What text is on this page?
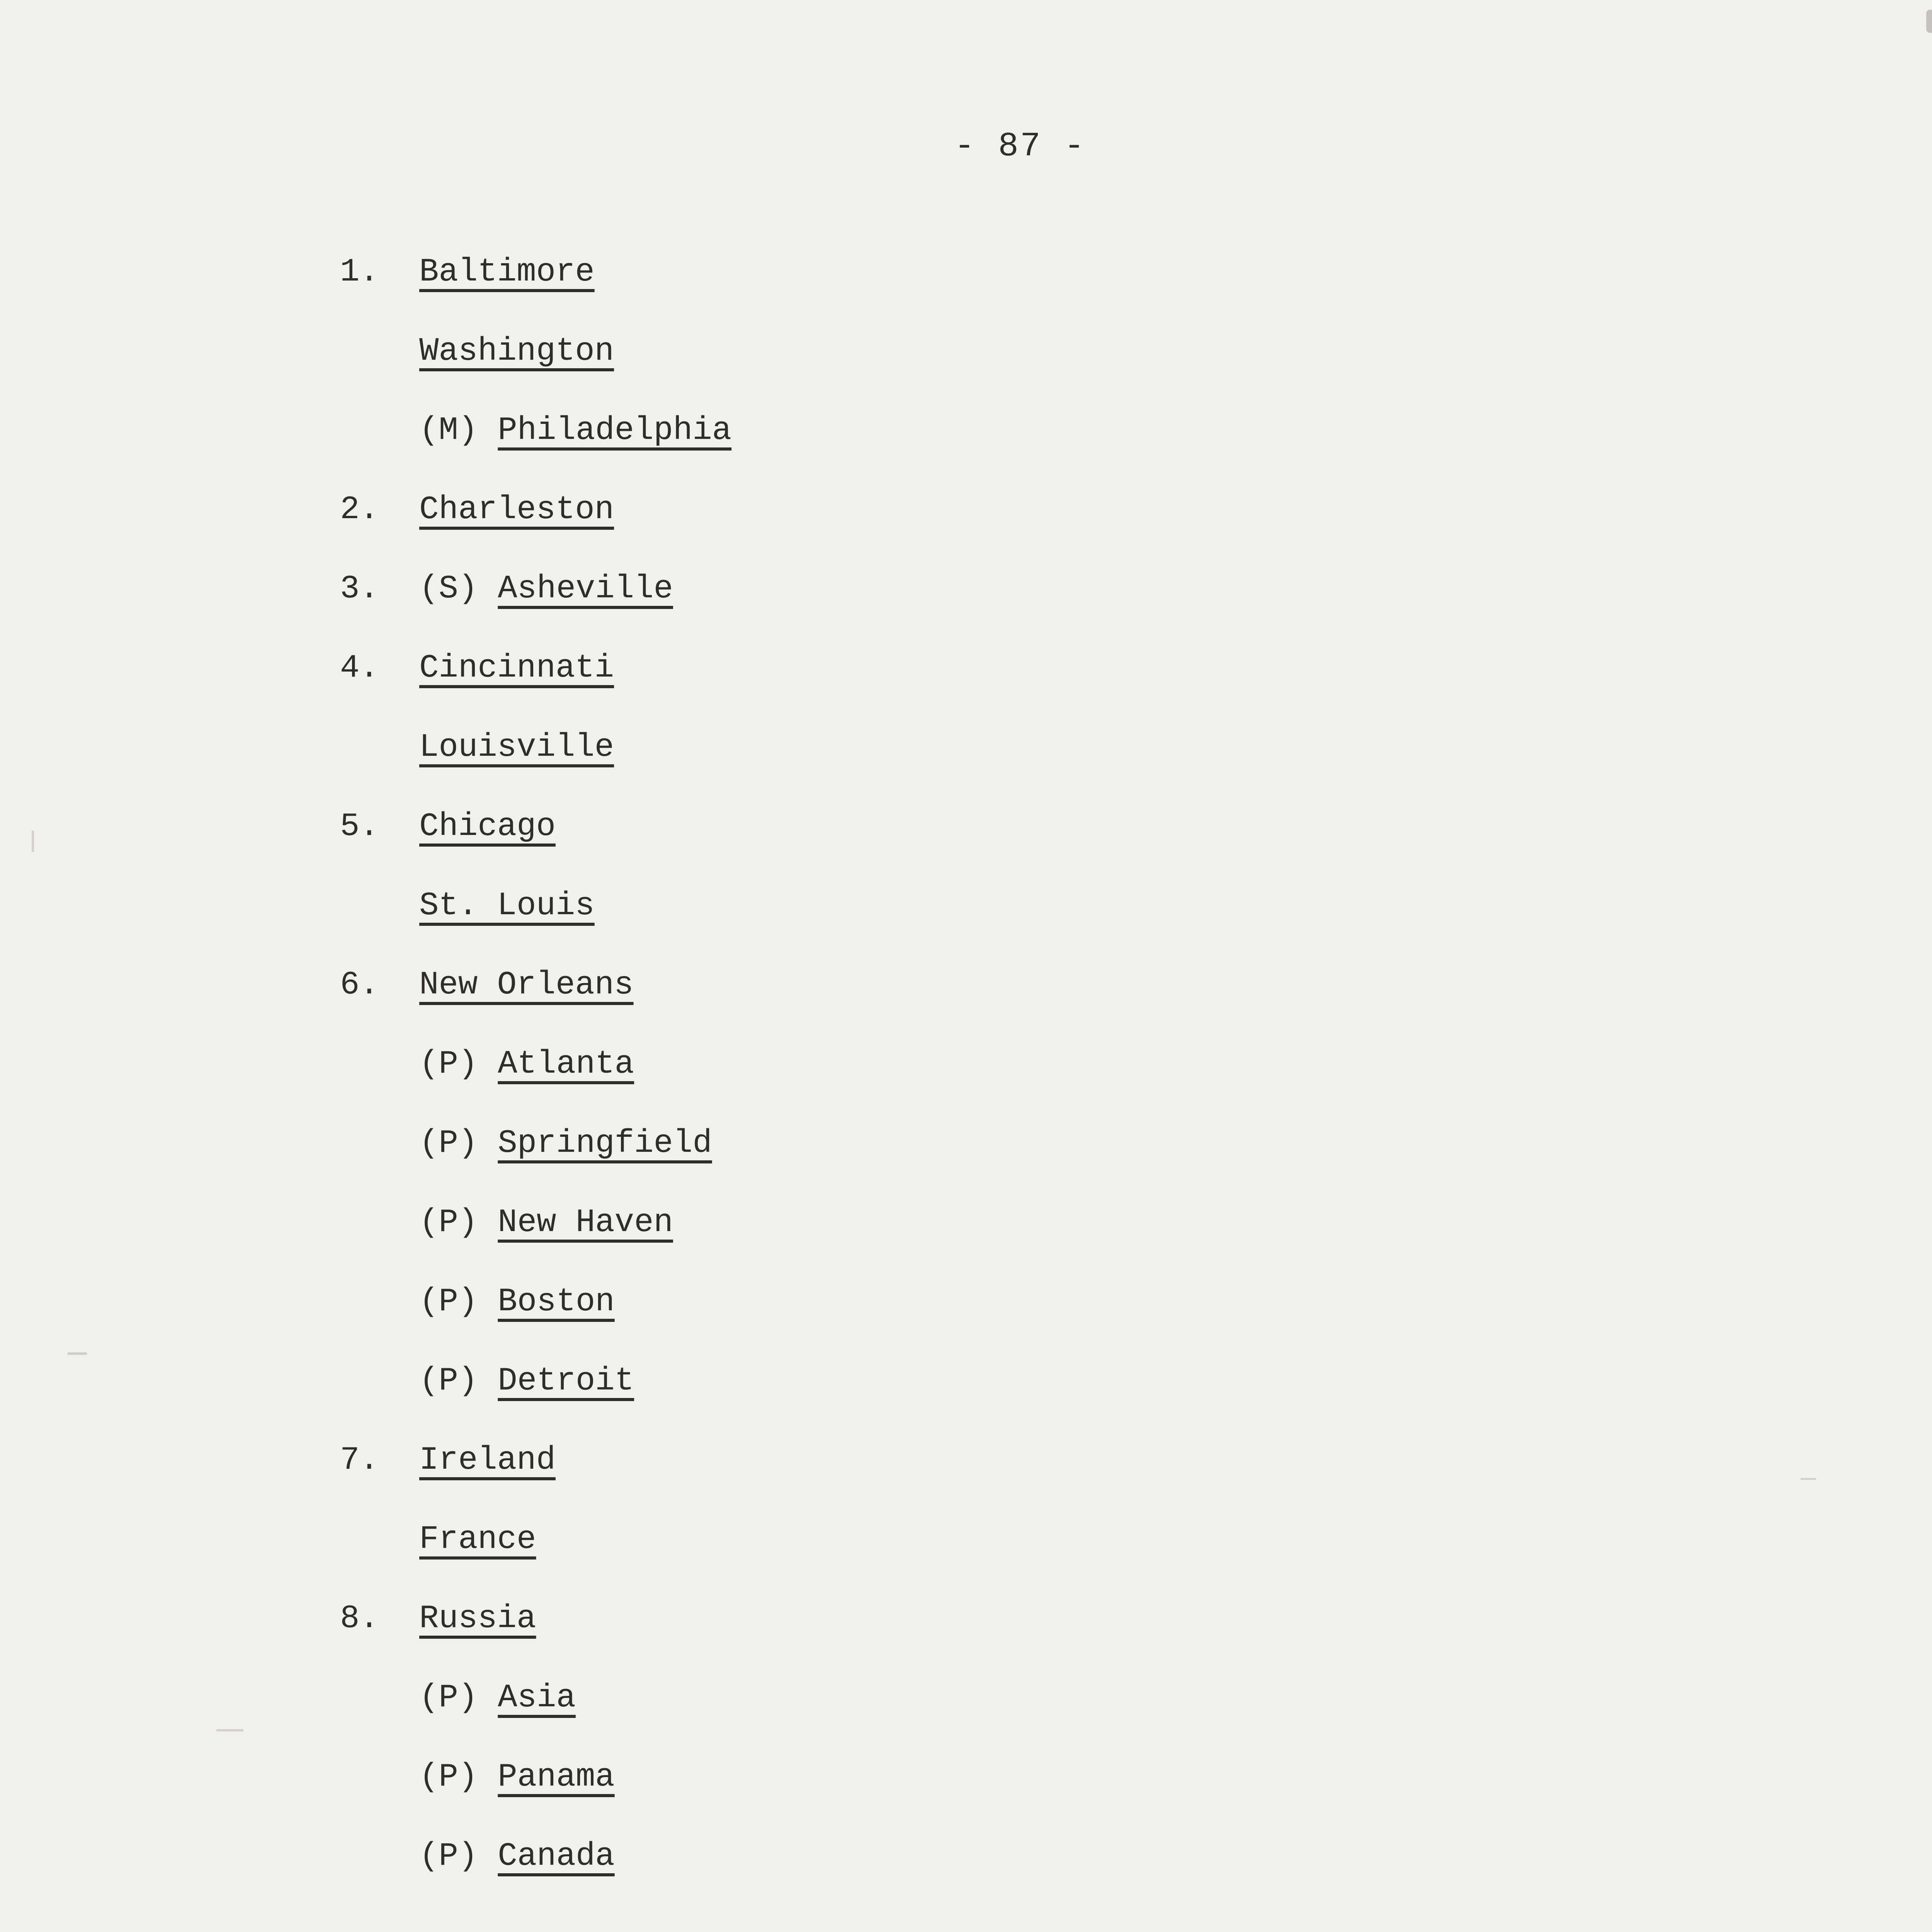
- 87 -
1. Baltimore
Washington
(M) Philadelphia
2. Charleston
3. (S) Asheville
4. Cincinnati
Louisville
5. Chicago
St. Louis
6. New Orleans
(P) Atlanta
(P) Springfield
(P) New Haven
(P) Boston
(P) Detroit
7. Ireland
France
8. Russia
(P) Asia
(P) Panama
(P) Canada
